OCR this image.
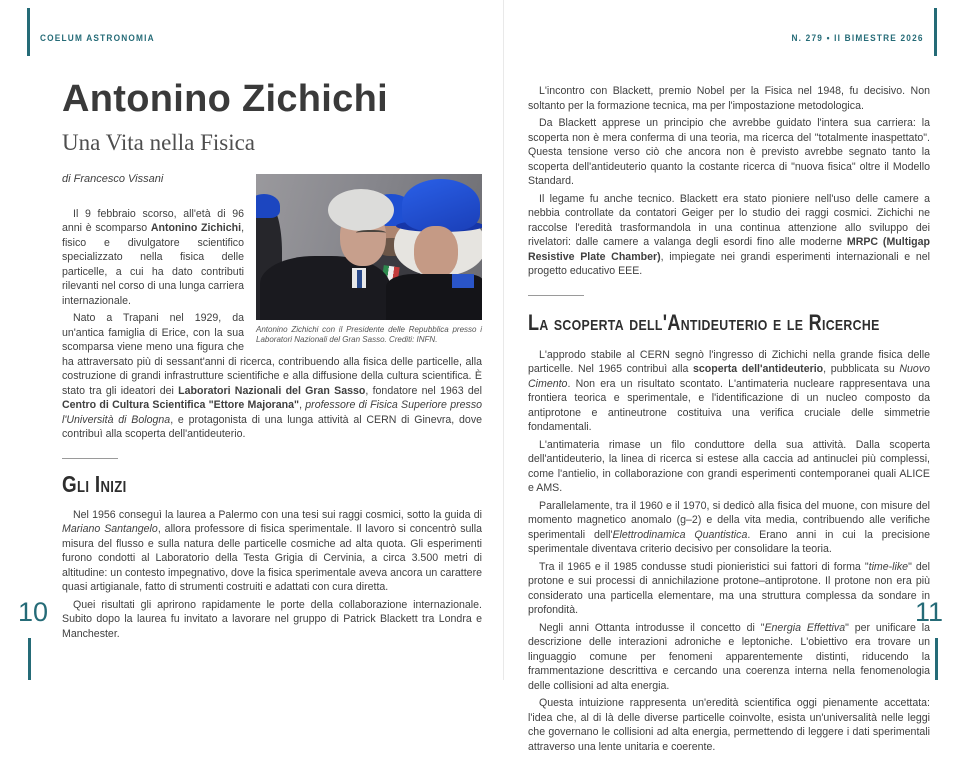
COELUM ASTRONOMIA	N. 279 • II BIMESTRE 2026
Antonino Zichichi
Una Vita nella Fisica
di Francesco Vissani
Antonino Zichichi con il Presidente delle Repubblica presso i Laboratori Nazionali del Gran Sasso. Crediti: INFN.

Il 9 febbraio scorso, all'età di 96 anni è scomparso Antonino Zichichi, fisico e divulgatore scientifico specializzato nella fisica delle particelle, a cui ha dato contributi rilevanti nel corso di una lunga carriera internazionale.

Nato a Trapani nel 1929, da un'antica famiglia di Erice, con la sua scomparsa viene meno una figura che ha attraversato più di sessant'anni di ricerca, contribuendo alla fisica delle particelle, alla costruzione di grandi infrastrutture scientifiche e alla diffusione della cultura scientifica. È stato tra gli ideatori dei Laboratori Nazionali del Gran Sasso, fondatore nel 1963 del Centro di Cultura Scientifica "Ettore Majorana", professore di Fisica Superiore presso l'Università di Bologna, e protagonista di una lunga attività al CERN di Ginevra, dove contribuì alla scoperta dell'antideuterio.

Gli Inizi

Nel 1956 conseguì la laurea a Palermo con una tesi sui raggi cosmici, sotto la guida di Mariano Santangelo, allora professore di fisica sperimentale. Il lavoro si concentrò sulla misura del flusso e sulla natura delle particelle cosmiche ad alta quota. Gli esperimenti furono condotti al Laboratorio della Testa Grigia di Cervinia, a circa 3.500 metri di altitudine: un contesto impegnativo, dove la fisica sperimentale aveva ancora un carattere quasi artigianale, fatto di strumenti costruiti e adattati con cura diretta.

Quei risultati gli aprirono rapidamente le porte della collaborazione internazionale. Subito dopo la laurea fu invitato a lavorare nel gruppo di Patrick Blackett tra Londra e Manchester.

L'incontro con Blackett, premio Nobel per la Fisica nel 1948, fu decisivo. Non soltanto per la formazione tecnica, ma per l'impostazione metodologica.

Da Blackett apprese un principio che avrebbe guidato l'intera sua carriera: la scoperta non è mera conferma di una teoria, ma ricerca del "totalmente inaspettato". Questa tensione verso ciò che ancora non è previsto avrebbe segnato tanto la scoperta dell'antideuterio quanto la costante ricerca di "nuova fisica" oltre il Modello Standard.

Il legame fu anche tecnico. Blackett era stato pioniere nell'uso delle camere a nebbia controllate da contatori Geiger per lo studio dei raggi cosmici. Zichichi ne raccolse l'eredità trasformandola in una continua attenzione allo sviluppo dei rivelatori: dalle camere a valanga degli esordi fino alle moderne MRPC (Multigap Resistive Plate Chamber), impiegate nei grandi esperimenti internazionali e nel progetto educativo EEE.

La scoperta dell'Antideuterio e le Ricerche

L'approdo stabile al CERN segnò l'ingresso di Zichichi nella grande fisica delle particelle. Nel 1965 contribuì alla scoperta dell'antideuterio, pubblicata su Nuovo Cimento. Non era un risultato scontato. L'antimateria nucleare rappresentava una frontiera teorica e sperimentale, e l'identificazione di un nucleo composto da antiprotone e antineutrone costituiva una verifica cruciale delle simmetrie fondamentali.

L'antimateria rimase un filo conduttore della sua attività. Dalla scoperta dell'antideuterio, la linea di ricerca si estese alla caccia ad antinuclei più complessi, come l'antielio, in collaborazione con grandi esperimenti contemporanei quali ALICE e AMS.

Parallelamente, tra il 1960 e il 1970, si dedicò alla fisica del muone, con misure del momento magnetico anomalo (g–2) e della vita media, contribuendo alle verifiche sperimentali dell'Elettrodinamica Quantistica. Erano anni in cui la precisione sperimentale diventava criterio decisivo per consolidare la teoria.

Tra il 1965 e il 1985 condusse studi pionieristici sui fattori di forma "time-like" del protone e sui processi di annichilazione protone–antiprotone. Il protone non era più considerato una particella elementare, ma una struttura complessa da sondare in profondità.

Negli anni Ottanta introdusse il concetto di "Energia Effettiva" per unificare la descrizione delle interazioni adroniche e leptoniche. L'obiettivo era trovare un linguaggio comune per fenomeni apparentemente distinti, riducendo la frammentazione descrittiva e cercando una coerenza interna nella fenomenologia delle collisioni ad alta energia.

Questa intuizione rappresenta un'eredità scientifica oggi pienamente accettata: l'idea che, al di là delle diverse particelle coinvolte, esista un'universalità nelle leggi che governano le collisioni ad alta energia, permettendo di leggere i dati sperimentali attraverso una lente unitaria e coerente.

10	11
